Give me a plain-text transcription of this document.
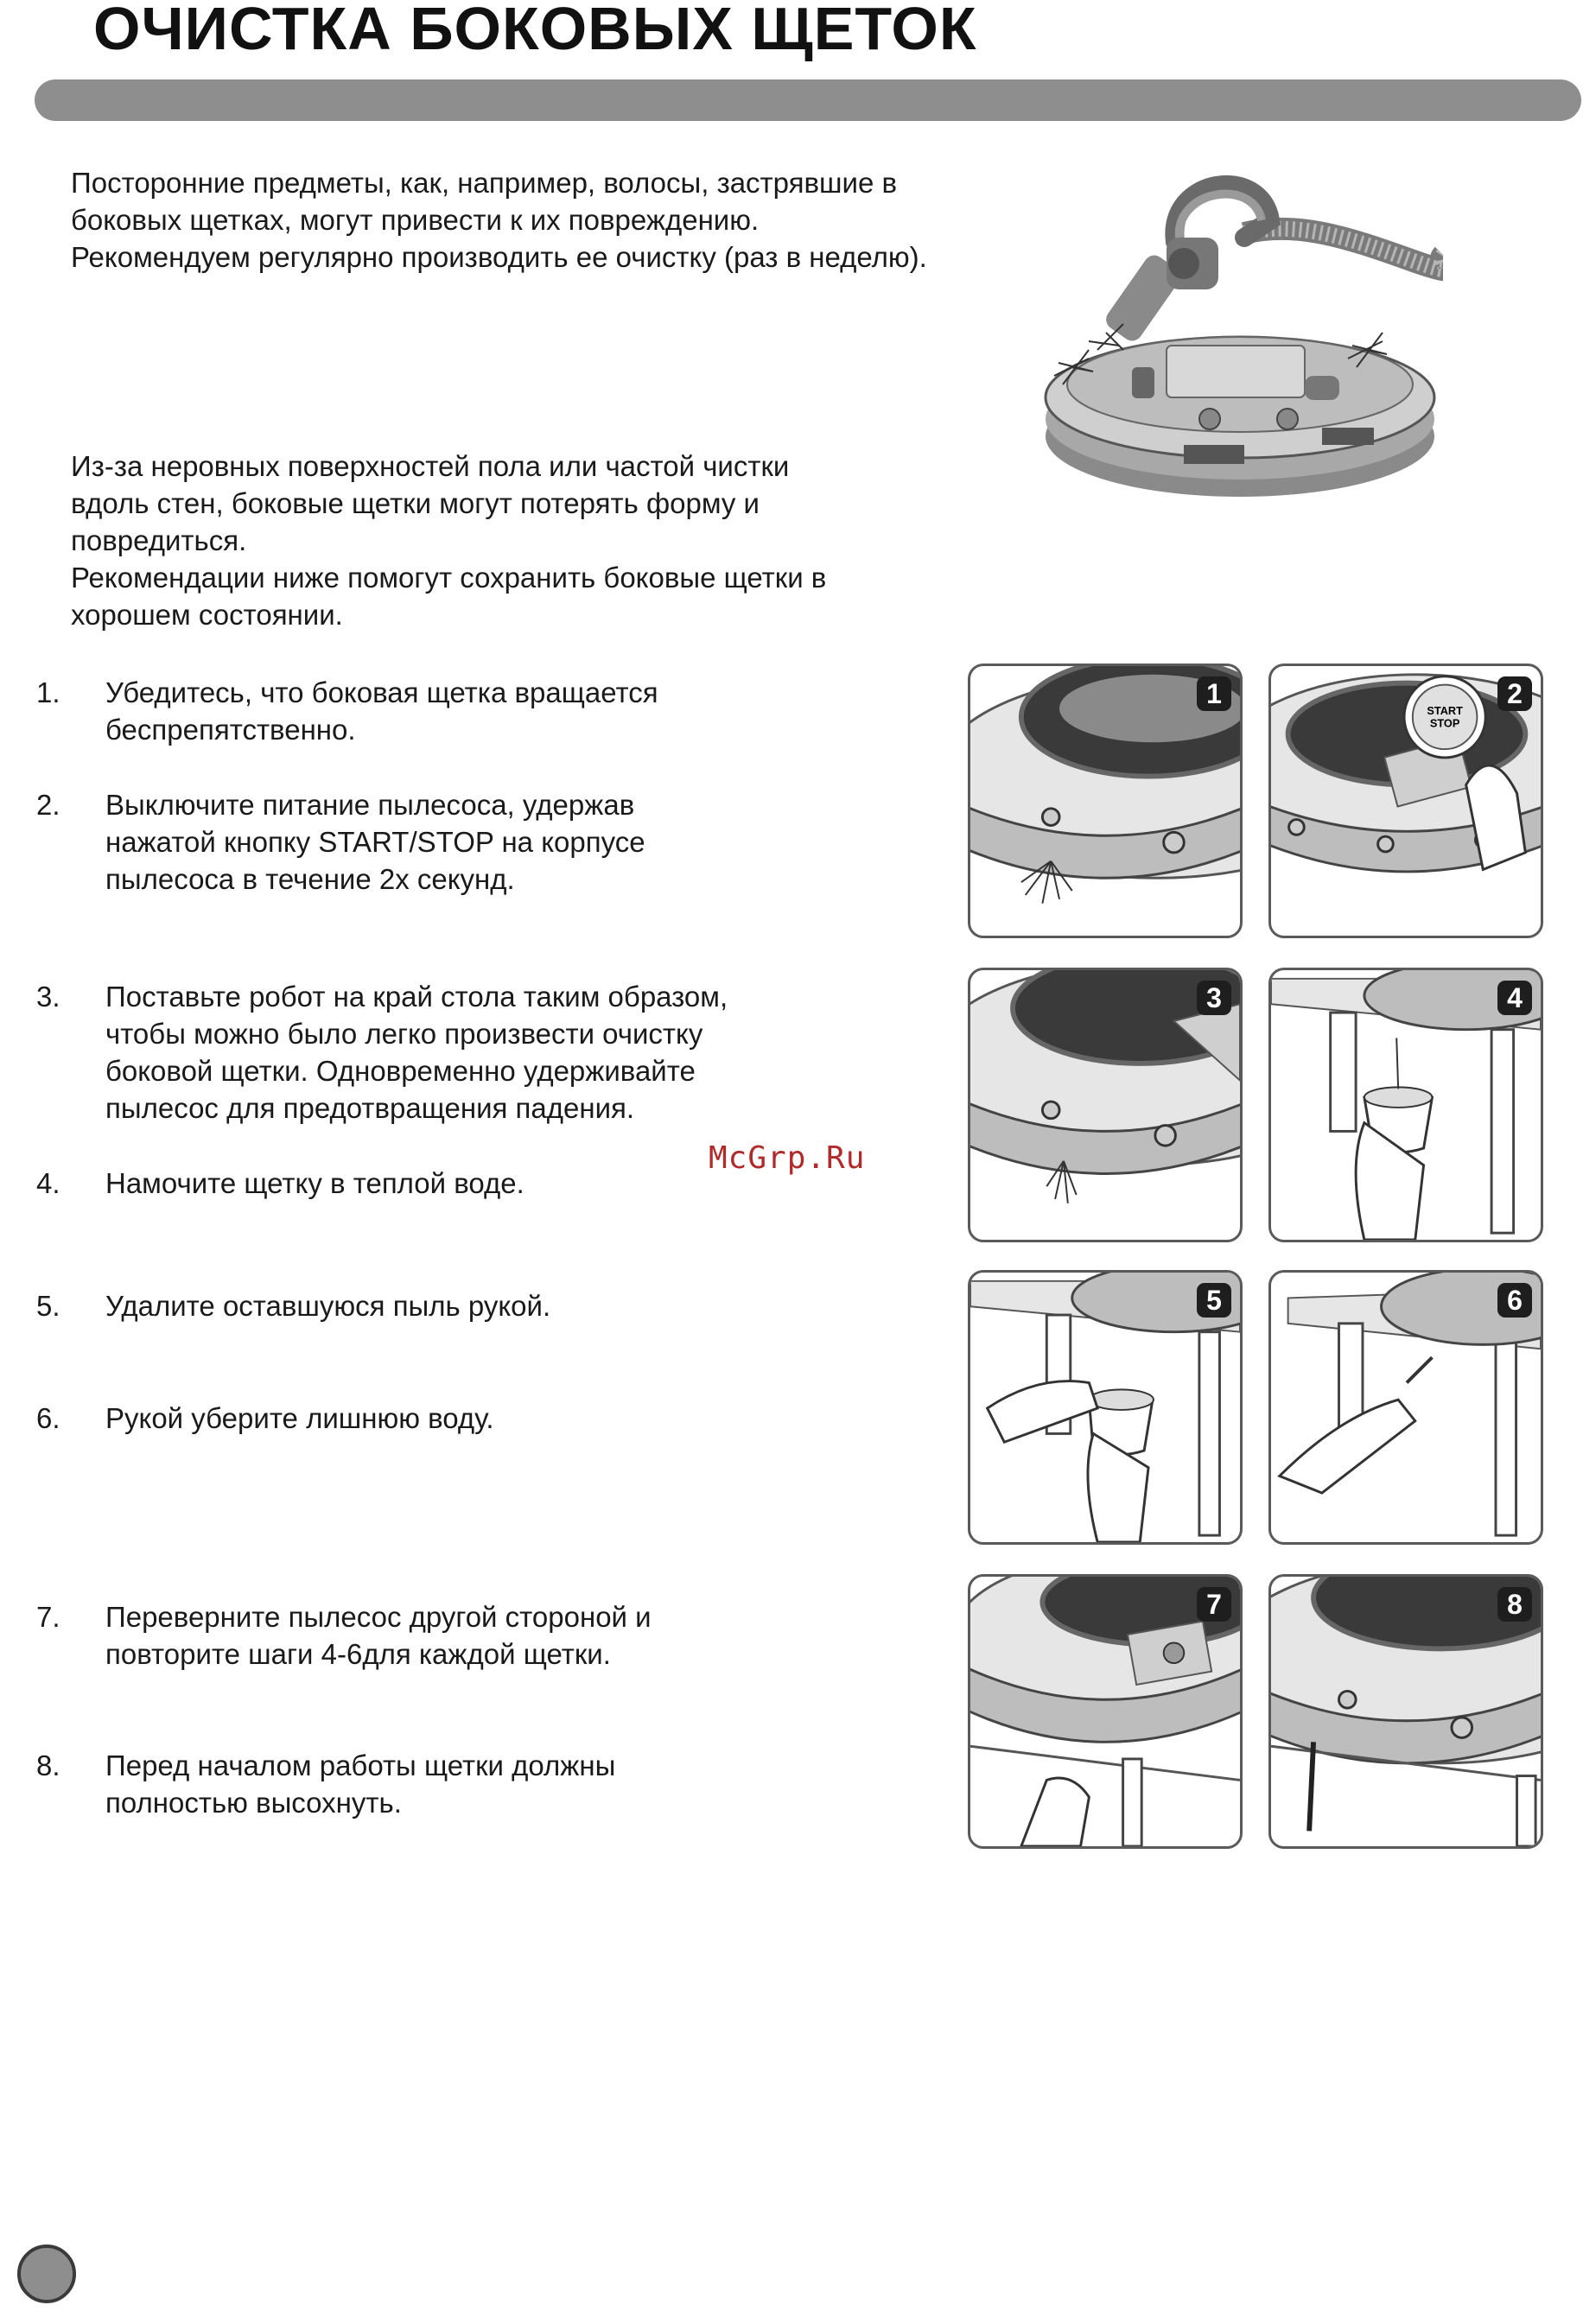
ОЧИСТКА БОКОВЫХ ЩЕТОК

Посторонние предметы, как, например, волосы, застрявшие в

боковых щетках, могут привести к их повреждению.

Рекомендуем регулярно производить ее очистку (раз в неделю).

Из-за неровных поверхностей пола или частой чистки

вдоль стен, боковые щетки могут потерять форму и

повредиться.

Рекомендации ниже помогут сохранить боковые щетки в

хорошем состоянии.

1. Убедитесь, что боковая щетка вращается

беспрепятственно.

2. Выключите питание пылесоса, удержав

нажатой кнопку START/STOP на корпусе

пылесоса в течение 2х секунд.

3. Поставьте робот на край стола таким образом,

чтобы можно было легко произвести очистку

боковой щетки. Одновременно удерживайте

пылесос для предотвращения падения.

4. Намочите щетку в теплой воде.

5. Удалите оставшуюся пыль рукой.

6. Рукой уберите лишнюю воду.

7. Переверните пылесос другой стороной и

повторите шаги 4-6для каждой щетки.

8. Перед началом работы щетки должны

полностью высохнуть.

McGrp.Ru
1
START
STOP
2
3	4
5	6
7	8
